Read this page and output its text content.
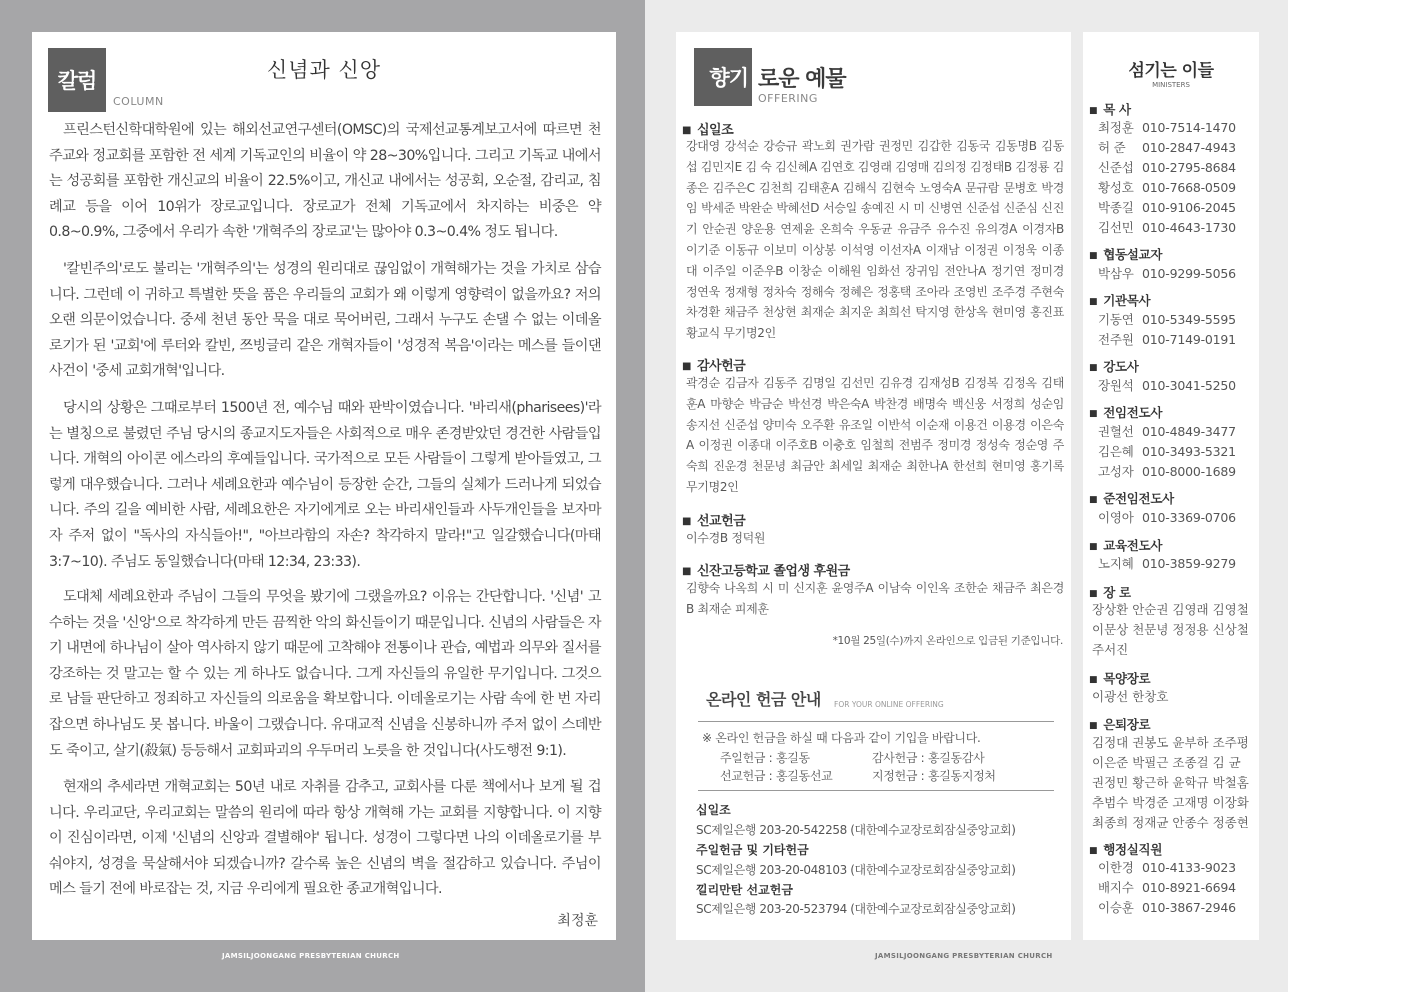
칼럼
COLUMN
신념과 신앙

프린스턴신학대학원에 있는 해외선교연구센터(OMSC)의 국제선교통계보고서에 따르면 천주교와 정교회를 포함한 전 세계 기독교인의 비율이 약 28~30%입니다. 그리고 기독교 내에서는 성공회를 포함한 개신교의 비율이 22.5%이고, 개신교 내에서는 성공회, 오순절, 감리교, 침례교 등을 이어 10위가 장로교입니다. 장로교가 전체 기독교에서 차지하는 비중은 약 0.8~0.9%, 그중에서 우리가 속한 '개혁주의 장로교'는 많아야 0.3~0.4% 정도 됩니다.

'칼빈주의'로도 불리는 '개혁주의'는 성경의 원리대로 끊임없이 개혁해가는 것을 가치로 삼습니다. 그런데 이 귀하고 특별한 뜻을 품은 우리들의 교회가 왜 이렇게 영향력이 없을까요? 저의 오랜 의문이었습니다. 중세 천년 동안 묵을 대로 묵어버린, 그래서 누구도 손댈 수 없는 이데올로기가 된 '교회'에 루터와 칼빈, 쯔빙글리 같은 개혁자들이 '성경적 복음'이라는 메스를 들이댄 사건이 '중세 교회개혁'입니다.

당시의 상황은 그때로부터 1500년 전, 예수님 때와 판박이였습니다. '바리새(pharisees)'라는 별칭으로 불렸던 주님 당시의 종교지도자들은 사회적으로 매우 존경받았던 경건한 사람들입니다. 개혁의 아이콘 에스라의 후예들입니다. 국가적으로 모든 사람들이 그렇게 받아들였고, 그렇게 대우했습니다. 그러나 세례요한과 예수님이 등장한 순간, 그들의 실체가 드러나게 되었습니다. 주의 길을 예비한 사람, 세례요한은 자기에게로 오는 바리새인들과 사두개인들을 보자마자 주저 없이 "독사의 자식들아!", "아브라함의 자손? 착각하지 말라!"고 일갈했습니다(마태 3:7~10). 주님도 동일했습니다(마태 12:34, 23:33).

도대체 세례요한과 주님이 그들의 무엇을 봤기에 그랬을까요? 이유는 간단합니다. '신념' 고수하는 것을 '신앙'으로 착각하게 만든 끔찍한 악의 화신들이기 때문입니다. 신념의 사람들은 자기 내면에 하나님이 살아 역사하지 않기 때문에 고착해야 전통이나 관습, 예법과 의무와 질서를 강조하는 것 말고는 할 수 있는 게 하나도 없습니다. 그게 자신들의 유일한 무기입니다. 그것으로 남들 판단하고 정죄하고 자신들의 의로움을 확보합니다. 이데올로기는 사람 속에 한 번 자리 잡으면 하나님도 못 봅니다. 바울이 그랬습니다. 유대교적 신념을 신봉하니까 주저 없이 스데반도 죽이고, 살기(殺氣) 등등해서 교회파괴의 우두머리 노릇을 한 것입니다(사도행전 9:1).

현재의 추세라면 개혁교회는 50년 내로 자취를 감추고, 교회사를 다룬 책에서나 보게 될 겁니다. 우리교단, 우리교회는 말씀의 원리에 따라 항상 개혁해 가는 교회를 지향합니다. 이 지향이 진심이라면, 이제 '신념의 신앙과 결별해야' 됩니다. 성경이 그렇다면 나의 이데올로기를 부숴야지, 성경을 묵살해서야 되겠습니까? 갈수록 높은 신념의 벽을 절감하고 있습니다. 주님이 메스 들기 전에 바로잡는 것, 지금 우리에게 필요한 종교개혁입니다.

최정훈
JAMSILJOONGANG PRESBYTERIAN CHURCH
향기 로운 예물
OFFERING
■ 십일조
강대영 강석순 강승규 곽노회 권가람 권정민 김갑한 김동국 김동명B 김동섭 김민지E 김 숙 김신혜A 김연호 김영래 김영매 김의정 김정태B 김정룡 김종은 김주은C 김천희 김태훈A 김해식 김현숙 노영숙A 문규람 문병호 박경임 박세준 박완순 박혜선D 서승일 송예진 시 미 신병연 신준섭 신준심 신진기 안순권 양운용 연제윤 온희숙 우동균 유금주 유수진 유의경A 이경자B 이기준 이동규 이보미 이상봉 이석영 이선자A 이재남 이정권 이정욱 이종대 이주일 이준우B 이창순 이해원 임화선 장귀임 전안나A 정기연 정미경 정연욱 정재형 정차숙 정해숙 정혜은 정홍택 조아라 조영빈 조주경 주현숙 차경환 채금주 천상현 최재순 최지운 최희선 탁지영 한상옥 현미영 홍진표 황교식 무기명2인
■ 감사헌금
곽경순 김금자 김동주 김명일 김선민 김유경 김재성B 김정복 김정옥 김태훈A 마향순 박금순 박선경 박은숙A 박찬경 배명숙 백신웅 서정희 성순임 송지선 신준섭 양미숙 오주환 유조일 이반석 이순재 이용건 이용경 이은숙A 이정권 이종대 이주호B 이충호 임철희 전범주 정미경 정성숙 정순영 주숙희 진운경 천문녕 최금안 최세일 최재순 최한나A 한선희 현미영 홍기록 무기명2인
■ 선교헌금
이수경B 정덕원
■ 신잔고등학교 졸업생 후원금
김향숙 나옥희 시 미 신지훈 윤영주A 이남숙 이인옥 조한순 채금주 최은경B 최재순 피제훈
*10월 25일(수)까지 온라인으로 입금된 기준입니다.
온라인 헌금 안내 FOR YOUR ONLINE OFFERING
※ 온라인 헌금을 하실 때 다음과 같이 기입을 바랍니다.
주일헌금 : 홍길동	감사헌금 : 홍길동감사
선교헌금 : 홍길동선교	지정헌금 : 홍길동지정처
십일조
SC제일은행 203-20-542258 (대한예수교장로회잠실중앙교회)
주일헌금 및 기타헌금
SC제일은행 203-20-048103 (대한예수교장로회잠실중앙교회)
낄리만탄 선교헌금
SC제일은행 203-20-523794 (대한예수교장로회잠실중앙교회)
섬기는 이들
MINISTERS
■ 목 사
최정훈 010-7514-1470
허 준 010-2847-4943
신준섭 010-2795-8684
황성호 010-7668-0509
박종길 010-9106-2045
김선민 010-4643-1730
■ 협동설교자
박삼우 010-9299-5056
■ 기관목사
기동연 010-5349-5595
전주원 010-7149-0191
■ 강도사
장원석 010-3041-5250
■ 전임전도사
권혈선 010-4849-3477
김은혜 010-3493-5321
고성자 010-8000-1689
■ 준전임전도사
이영아 010-3369-0706
■ 교육전도사
노지혜 010-3859-9279
■ 장 로
장상환 안순권 김영래 김영철 이문상 천문녕 정정용 신상철 주서진
■ 목양장로
이광선 한창호
■ 은퇴장로
김정대 권봉도 윤부하 조주평 이은준 박필근 조종걸 김 균 권정민 황근하 윤학규 박철홈 추범수 박경준 고재명 이장화 최종희 정재균 안종수 정종현
■ 행정실직원
이한경 010-4133-9023
배지수 010-8921-6694
이승훈 010-3867-2946
JAMSILJOONGANG PRESBYTERIAN CHURCH
